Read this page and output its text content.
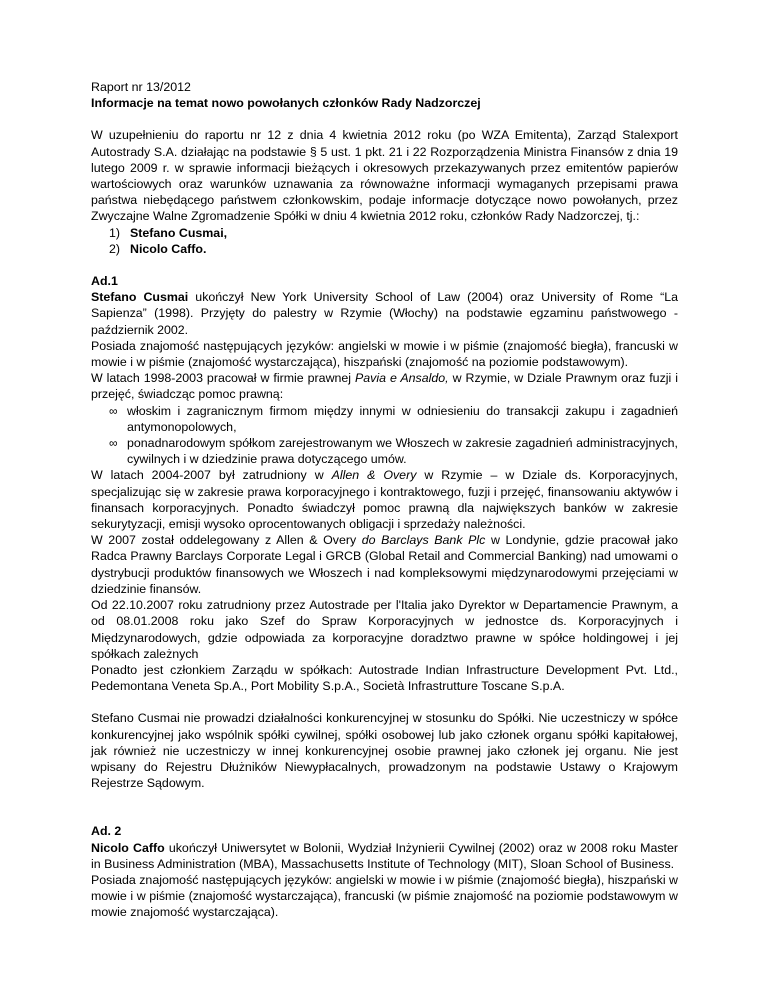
Raport nr 13/2012

Informacje na temat nowo powołanych członków Rady Nadzorczej

W uzupełnieniu do raportu nr 12 z dnia 4 kwietnia 2012 roku (po WZA Emitenta), Zarząd Stalexport Autostrady S.A. działając na podstawie § 5 ust. 1 pkt. 21 i 22 Rozporządzenia Ministra Finansów z dnia 19 lutego 2009 r. w sprawie informacji bieżących i okresowych przekazywanych przez emitentów papierów wartościowych oraz warunków uznawania za równoważne informacji wymaganych przepisami prawa państwa niebędącego państwem członkowskim, podaje informacje dotyczące nowo powołanych, przez Zwyczajne Walne Zgromadzenie Spółki w dniu 4 kwietnia 2012 roku, członków Rady Nadzorczej, tj.:

1) Stefano Cusmai,
2) Nicolo Caffo.

Ad.1

Stefano Cusmai ukończył New York University School of Law (2004) oraz University of Rome “La Sapienza” (1998). Przyjęty do palestry w Rzymie (Włochy) na podstawie egzaminu państwowego - październik 2002.

Posiada znajomość następujących języków: angielski w mowie i w piśmie (znajomość biegła), francuski w mowie i w piśmie (znajomość wystarczająca), hiszpański (znajomość na poziomie podstawowym).

W latach 1998-2003 pracował w firmie prawnej Pavia e Ansaldo, w Rzymie, w Dziale Prawnym oraz fuzji i przejęć, świadcząc pomoc prawną:

∞ włoskim i zagranicznym firmom między innymi w odniesieniu do transakcji zakupu i zagadnień antymonopolowych,
∞ ponadnarodowym spółkom zarejestrowanym we Włoszech w zakresie zagadnień administracyjnych, cywilnych i w dziedzinie prawa dotyczącego umów.

W latach 2004-2007 był zatrudniony w Allen & Overy w Rzymie – w Dziale ds. Korporacyjnych, specjalizując się w zakresie prawa korporacyjnego i kontraktowego, fuzji i przejęć, finansowaniu aktywów i finansach korporacyjnych. Ponadto świadczył pomoc prawną dla największych banków w zakresie sekurytyzacji, emisji wysoko oprocentowanych obligacji i sprzedaży należności.

W 2007 został oddelegowany z Allen & Overy do Barclays Bank Plc w Londynie, gdzie pracował jako Radca Prawny Barclays Corporate Legal i GRCB (Global Retail and Commercial Banking) nad umowami o dystrybucji produktów finansowych we Włoszech i nad kompleksowymi międzynarodowymi przejęciami w dziedzinie finansów.

Od 22.10.2007 roku zatrudniony przez Autostrade per l'Italia jako Dyrektor w Departamencie Prawnym, a od 08.01.2008 roku jako Szef do Spraw Korporacyjnych w jednostce ds. Korporacyjnych i Międzynarodowych, gdzie odpowiada za korporacyjne doradztwo prawne w spółce holdingowej i jej spółkach zależnych

Ponadto jest członkiem Zarządu w spółkach: Autostrade Indian Infrastructure Development Pvt. Ltd., Pedemontana Veneta Sp.A., Port Mobility S.p.A., Società Infrastrutture Toscane S.p.A.

Stefano Cusmai nie prowadzi działalności konkurencyjnej w stosunku do Spółki. Nie uczestniczy w spółce konkurencyjnej jako wspólnik spółki cywilnej, spółki osobowej lub jako członek organu spółki kapitałowej, jak również nie uczestniczy w innej konkurencyjnej osobie prawnej jako członek jej organu. Nie jest wpisany do Rejestru Dłużników Niewypłacalnych, prowadzonym na podstawie Ustawy o Krajowym Rejestrze Sądowym.

Ad. 2

Nicolo Caffo ukończył Uniwersytet w Bolonii, Wydział Inżynierii Cywilnej (2002) oraz w 2008 roku Master in Business Administration (MBA), Massachusetts Institute of Technology (MIT), Sloan School of Business.

Posiada znajomość następujących języków: angielski w mowie i w piśmie (znajomość biegła), hiszpański w mowie i w piśmie (znajomość wystarczająca), francuski (w piśmie znajomość na poziomie podstawowym w mowie znajomość wystarczająca).
